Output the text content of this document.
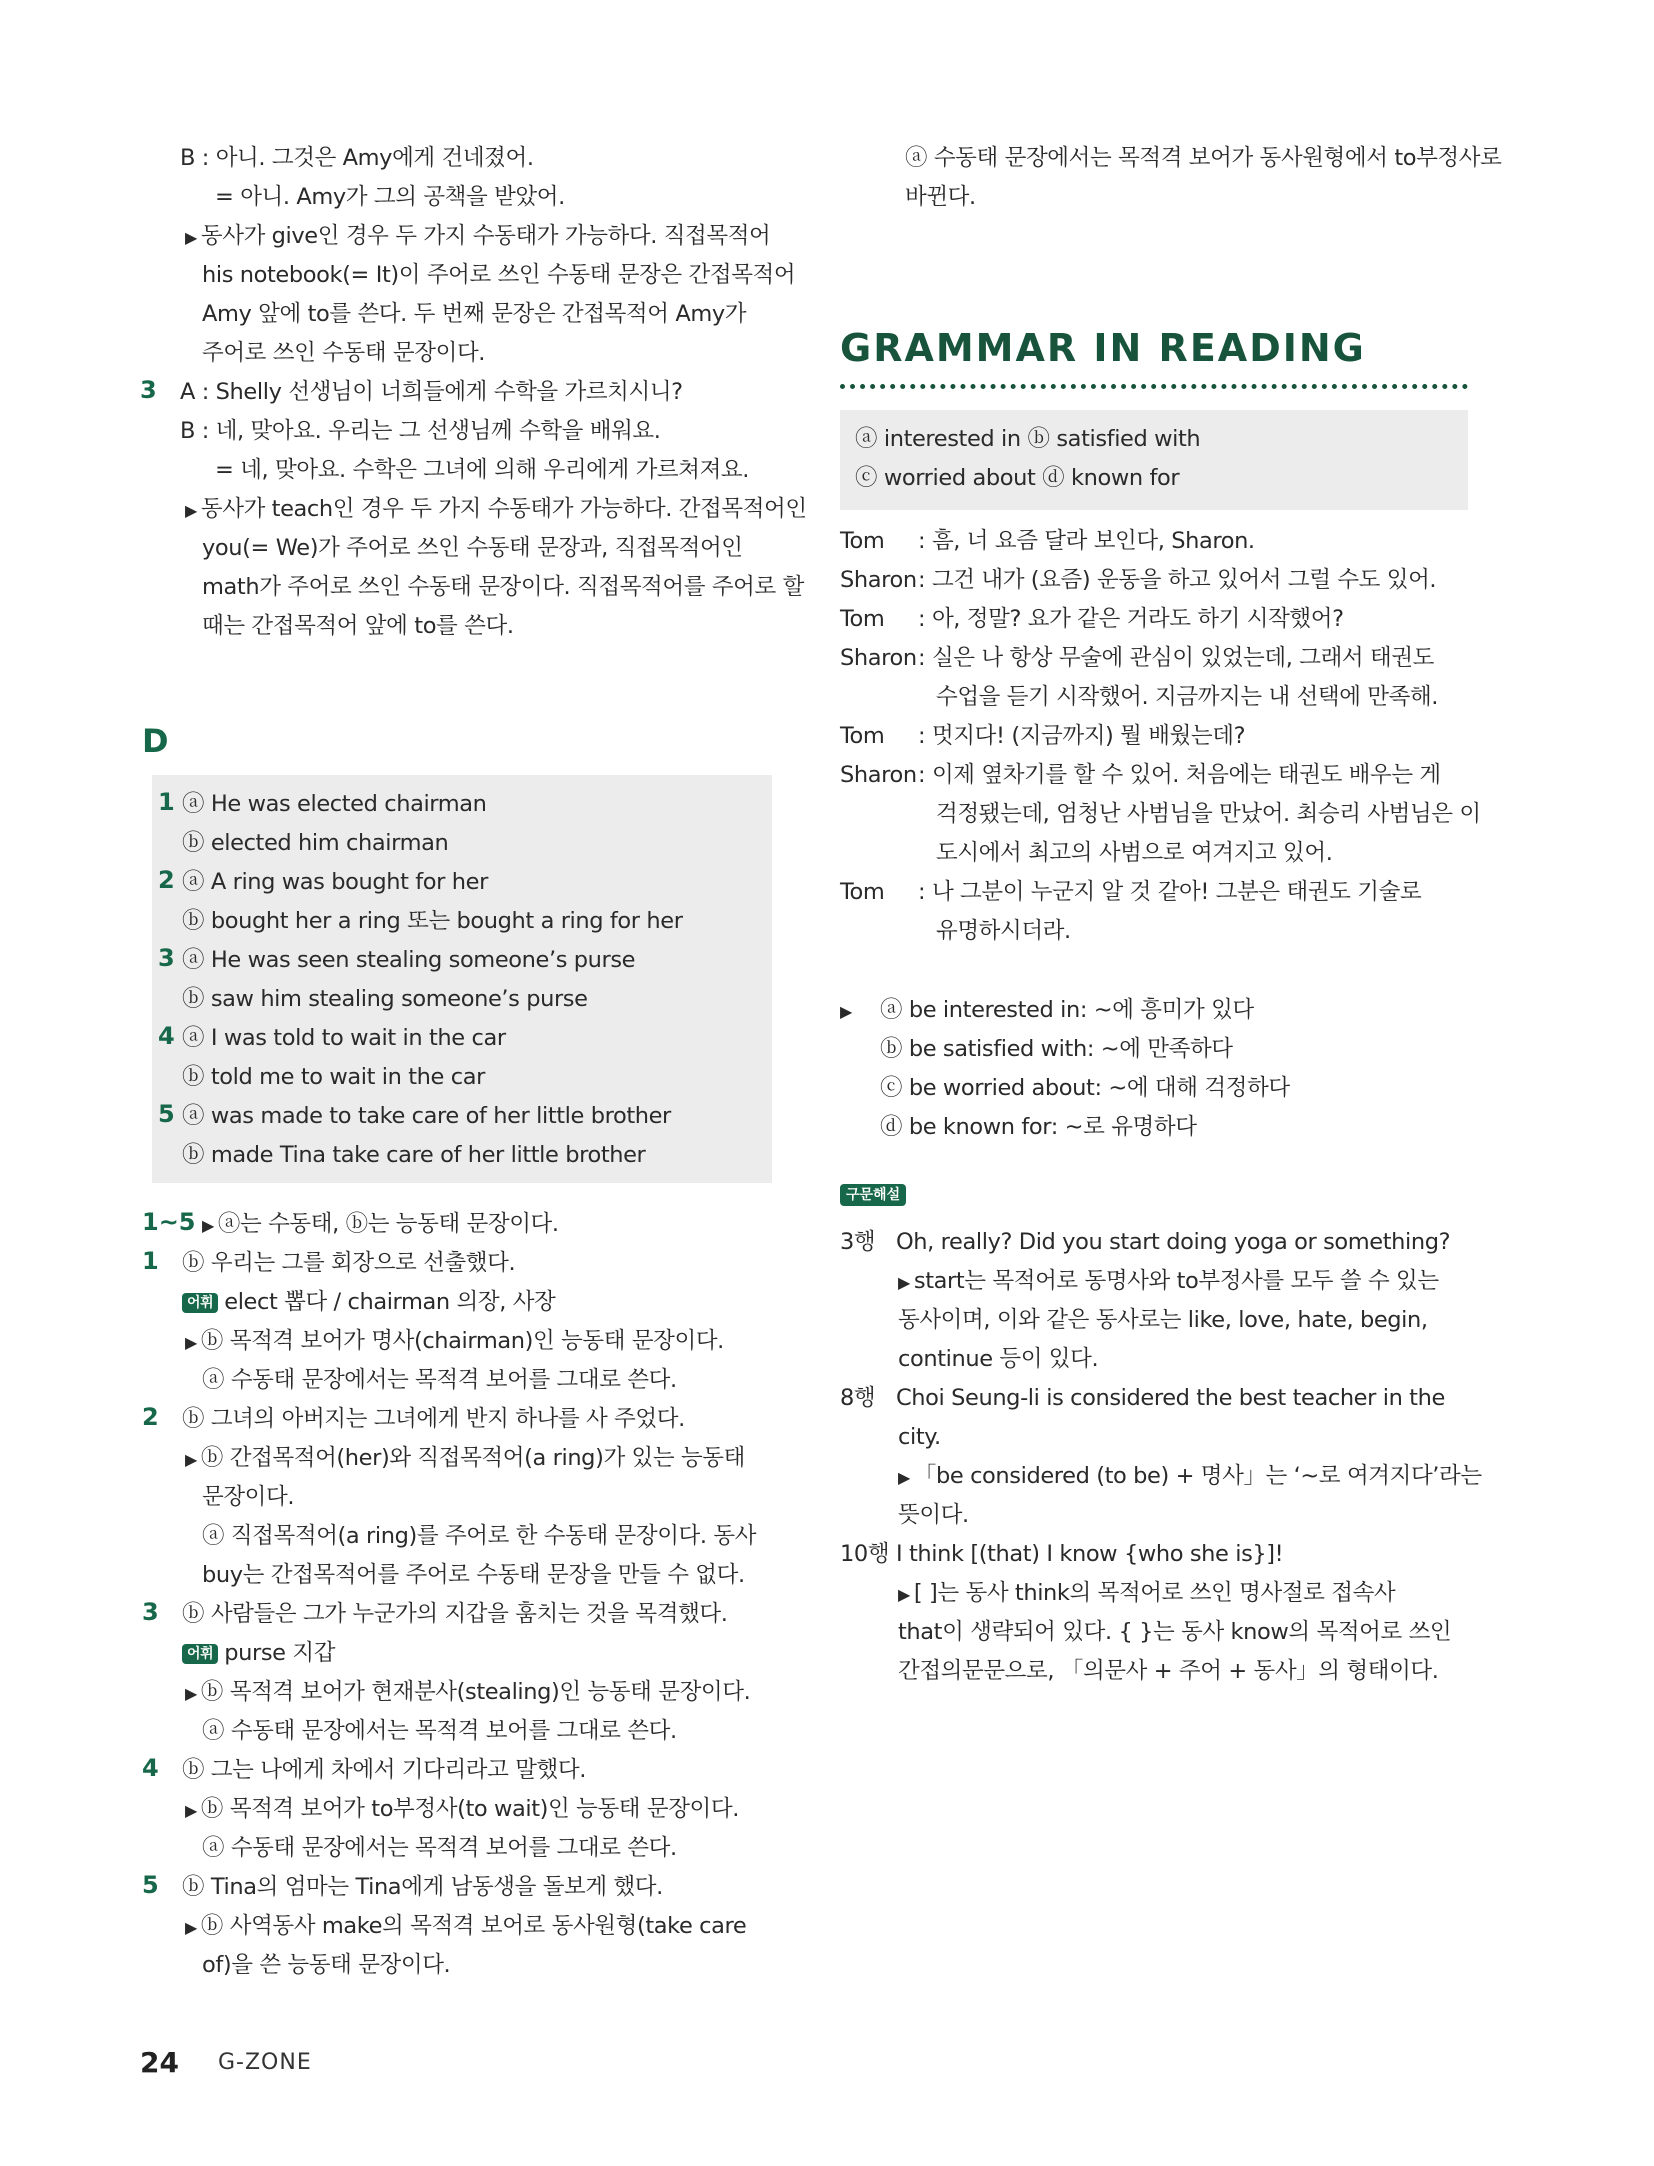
B : 아니. 그것은 Amy에게 건네졌어.
= 아니. Amy가 그의 공책을 받았어.
▶ 동사가 give인 경우 두 가지 수동태가 가능하다. 직접목적어
his notebook(= It)이 주어로 쓰인 수동태 문장은 간접목적어
Amy 앞에 to를 쓴다. 두 번째 문장은 간접목적어 Amy가
주어로 쓰인 수동태 문장이다.
3 A : Shelly 선생님이 너희들에게 수학을 가르치시니?
B : 네, 맞아요. 우리는 그 선생님께 수학을 배워요.
= 네, 맞아요. 수학은 그녀에 의해 우리에게 가르쳐져요.
▶ 동사가 teach인 경우 두 가지 수동태가 가능하다. 간접목적어인
you(= We)가 주어로 쓰인 수동태 문장과, 직접목적어인
math가 주어로 쓰인 수동태 문장이다. 직접목적어를 주어로 할
때는 간접목적어 앞에 to를 쓴다.
D
1 ⓐ He was elected chairman
ⓑ elected him chairman
2 ⓐ A ring was bought for her
ⓑ bought her a ring 또는 bought a ring for her
3 ⓐ He was seen stealing someone’s purse
ⓑ saw him stealing someone’s purse
4 ⓐ I was told to wait in the car
ⓑ told me to wait in the car
5 ⓐ was made to take care of her little brother
ⓑ made Tina take care of her little brother
1~5 ▶ ⓐ는 수동태, ⓑ는 능동태 문장이다.
1 ⓑ 우리는 그를 회장으로 선출했다.
어휘 elect 뽑다 / chairman 의장, 사장
▶ ⓑ 목적격 보어가 명사(chairman)인 능동태 문장이다.
ⓐ 수동태 문장에서는 목적격 보어를 그대로 쓴다.
2 ⓑ 그녀의 아버지는 그녀에게 반지 하나를 사 주었다.
▶ ⓑ 간접목적어(her)와 직접목적어(a ring)가 있는 능동태
문장이다.
ⓐ 직접목적어(a ring)를 주어로 한 수동태 문장이다. 동사
buy는 간접목적어를 주어로 수동태 문장을 만들 수 없다.
3 ⓑ 사람들은 그가 누군가의 지갑을 훔치는 것을 목격했다.
어휘 purse 지갑
▶ ⓑ 목적격 보어가 현재분사(stealing)인 능동태 문장이다.
ⓐ 수동태 문장에서는 목적격 보어를 그대로 쓴다.
4 ⓑ 그는 나에게 차에서 기다리라고 말했다.
▶ ⓑ 목적격 보어가 to부정사(to wait)인 능동태 문장이다.
ⓐ 수동태 문장에서는 목적격 보어를 그대로 쓴다.
5 ⓑ Tina의 엄마는 Tina에게 남동생을 돌보게 했다.
▶ ⓑ 사역동사 make의 목적격 보어로 동사원형(take care
of)을 쓴 능동태 문장이다.
ⓐ 수동태 문장에서는 목적격 보어가 동사원형에서 to부정사로
바뀐다.
GRAMMAR IN READING
ⓐ interested in ⓑ satisfied with
ⓒ worried about ⓓ known for
Tom : 흠, 너 요즘 달라 보인다, Sharon.
Sharon : 그건 내가 (요즘) 운동을 하고 있어서 그럴 수도 있어.
Tom : 아, 정말? 요가 같은 거라도 하기 시작했어?
Sharon : 실은 나 항상 무술에 관심이 있었는데, 그래서 태권도
수업을 듣기 시작했어. 지금까지는 내 선택에 만족해.
Tom : 멋지다! (지금까지) 뭘 배웠는데?
Sharon : 이제 옆차기를 할 수 있어. 처음에는 태권도 배우는 게
걱정됐는데, 엄청난 사범님을 만났어. 최승리 사범님은 이
도시에서 최고의 사범으로 여겨지고 있어.
Tom : 나 그분이 누군지 알 것 같아! 그분은 태권도 기술로
유명하시더라.
▶ ⓐ be interested in: ~에 흥미가 있다
ⓑ be satisfied with: ~에 만족하다
ⓒ be worried about: ~에 대해 걱정하다
ⓓ be known for: ~로 유명하다
구문해설
3행 Oh, really? Did you start doing yoga or something?
▶ start는 목적어로 동명사와 to부정사를 모두 쓸 수 있는
동사이며, 이와 같은 동사로는 like, love, hate, begin,
continue 등이 있다.
8행 Choi Seung-li is considered the best teacher in the
city.
▶ 「be considered (to be) + 명사」는 ‘~로 여겨지다’라는
뜻이다.
10행 I think [(that) I know {who she is}]!
▶ [ ]는 동사 think의 목적어로 쓰인 명사절로 접속사
that이 생략되어 있다. { }는 동사 know의 목적어로 쓰인
간접의문문으로, 「의문사 + 주어 + 동사」의 형태이다.
24 G-ZONE
